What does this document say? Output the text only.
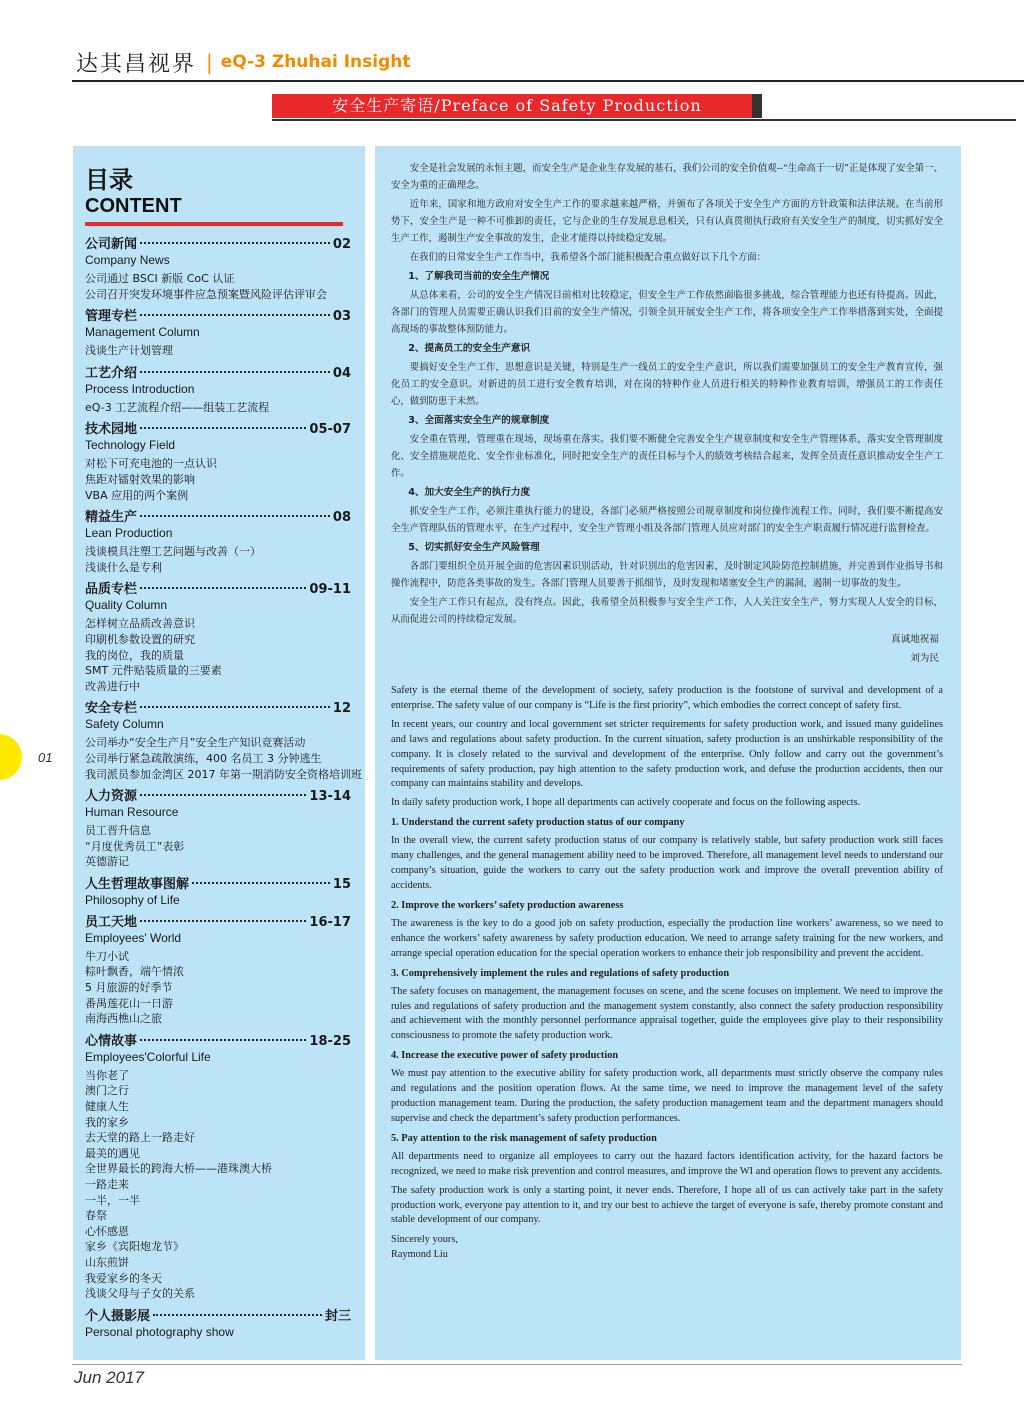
达其昌视界 | eQ-3 Zhuhai Insight
安全生产寄语/Preface of Safety Production
目录
CONTENT
公司新闻	02
Company News
公司通过 BSCI 新版 CoC 认证
公司召开突发环境事件应急预案暨风险评估评审会
管理专栏	03
Management Column
浅谈生产计划管理
工艺介绍	04
Process Introduction
eQ-3 工艺流程介绍——组装工艺流程
技术园地	05-07
Technology Field
对松下可充电池的一点认识
焦距对镭射效果的影响
VBA 应用的两个案例
精益生产	08
Lean Production
浅谈模具注塑工艺问题与改善（一）
浅谈什么是专利
品质专栏	09-11
Quality Column
怎样树立品质改善意识
印刷机参数设置的研究
我的岗位，我的质量
SMT 元件贴装质量的三要素
改善进行中
安全专栏	12
Safety Column
公司举办“安全生产月”安全生产知识竞赛活动
公司举行紧急疏散演练，400 名员工 3 分钟逃生
我司派员参加金湾区 2017 年第一期消防安全资格培训班
人力资源	13-14
Human Resource
员工晋升信息
“月度优秀员工”表彰
英德游记
人生哲理故事图解	15
Philosophy of Life
员工天地	16-17
Employees' World
牛刀小试
粽叶飘香，端午情浓
5 月旅游的好季节
番禺莲花山一日游
南海西樵山之旅
心情故事	18-25
Employees'Colorful Life
当你老了
澳门之行
健康人生
我的家乡
去天堂的路上一路走好
最美的遇见
全世界最长的跨海大桥——港珠澳大桥
一路走来
一半，一半
春祭
心怀感恩
家乡《宾阳炮龙节》
山东煎饼
我爱家乡的冬天
浅谈父母与子女的关系
个人摄影展	封三
Personal photography show
安全是社会发展的永恒主题，而安全生产是企业生存发展的基石，我们公司的安全价值观--“生命高于一切”正是体现了安全第一、安全为重的正确理念。
近年来，国家和地方政府对安全生产工作的要求越来越严格，并颁布了各项关于安全生产方面的方针政策和法律法规。在当前形势下，安全生产是一种不可推卸的责任，它与企业的生存发展息息相关，只有认真贯彻执行政府有关安全生产的制度，切实抓好安全生产工作，遏制生产安全事故的发生，企业才能得以持续稳定发展。
在我们的日常安全生产工作当中，我希望各个部门能积极配合重点做好以下几个方面：
1、了解我司当前的安全生产情况
从总体来看，公司的安全生产情况目前相对比较稳定，但安全生产工作依然面临很多挑战，综合管理能力也还有待提高。因此，各部门的管理人员需要正确认识我们目前的安全生产情况，引领全员开展安全生产工作，将各项安全生产工作举措落到实处，全面提高现场的事故整体预防能力。
2、提高员工的安全生产意识
要搞好安全生产工作，思想意识是关键，特别是生产一线员工的安全生产意识，所以我们需要加强员工的安全生产教育宣传，强化员工的安全意识。对新进的员工进行安全教育培训，对在岗的特种作业人员进行相关的特种作业教育培训，增强员工的工作责任心，做到防患于未然。
3、全面落实安全生产的规章制度
安全重在管理，管理重在现场，现场重在落实。我们要不断健全完善安全生产规章制度和安全生产管理体系，落实安全管理制度化、安全措施规范化、安全作业标准化，同时把安全生产的责任目标与个人的绩效考核结合起来，发挥全员责任意识推动安全生产工作。
4、加大安全生产的执行力度
抓安全生产工作，必须注重执行能力的建设，各部门必须严格按照公司规章制度和岗位操作流程工作。同时，我们要不断提高安全生产管理队伍的管理水平，在生产过程中，安全生产管理小组及各部门管理人员应对部门的安全生产职责履行情况进行监督检查。
5、切实抓好安全生产风险管理
各部门要组织全员开展全面的危害因素识别活动，针对识别出的危害因素，及时制定风险防范控制措施，并完善到作业指导书和操作流程中，防范各类事故的发生。各部门管理人员要善于抓细节，及时发现和堵塞安全生产的漏洞，遏制一切事故的发生。
安全生产工作只有起点，没有终点。因此，我希望全员积极参与安全生产工作，人人关注安全生产，努力实现人人安全的目标，从而促进公司的持续稳定发展。
真诚地祝福
刘为民
Safety is the eternal theme of the development of society, safety production is the footstone of survival and development of a enterprise. The safety value of our company is “Life is the first priority”, which embodies the correct concept of safety first.
In recent years, our country and local government set stricter requirements for safety production work, and issued many guidelines and laws and regulations about safety production. In the current situation, safety production is an unshirkable responsibility of the company. It is closely related to the survival and development of the enterprise. Only follow and carry out the government’s requirements of safety production, pay high attention to the safety production work, and defuse the production accidents, then our company can maintains stability and develops.
In daily safety production work, I hope all departments can actively cooperate and focus on the following aspects.
1. Understand the current safety production status of our company
In the overall view, the current safety production status of our company is relatively stable, but safety production work still faces many challenges, and the general management ability need to be improved. Therefore, all management level needs to understand our company’s situation, guide the workers to carry out the safety production work and improve the overall prevention ability of accidents.
2. Improve the workers’ safety production awareness
The awareness is the key to do a good job on safety production, especially the production line workers’ awareness, so we need to enhance the workers’ safety awareness by safety production education. We need to arrange safety training for the new workers, and arrange special operation education for the special operation workers to enhance their job responsibility and prevent the accident.
3. Comprehensively implement the rules and regulations of safety production
The safety focuses on management, the management focuses on scene, and the scene focuses on implement. We need to improve the rules and regulations of safety production and the management system constantly, also connect the safety production responsibility and achievement with the monthly personnel performance appraisal together, guide the employees give play to their responsibility consciousness to promote the safety production work.
4. Increase the executive power of safety production
We must pay attention to the executive ability for safety production work, all departments must strictly observe the company rules and regulations and the position operation flows. At the same time, we need to improve the management level of the safety production management team. During the production, the safety production management team and the department managers should supervise and check the department’s safety production performances.
5. Pay attention to the risk management of safety production
All departments need to organize all employees to carry out the hazard factors identification activity, for the hazard factors be recognized, we need to make risk prevention and control measures, and improve the WI and operation flows to prevent any accidents.
The safety production work is only a starting point, it never ends. Therefore, I hope all of us can actively take part in the safety production work, everyone pay attention to it, and try our best to achieve the target of everyone is safe, thereby promote constant and stable development of our company.
Sincerely yours,
Raymond Liu
01
Jun 2017
